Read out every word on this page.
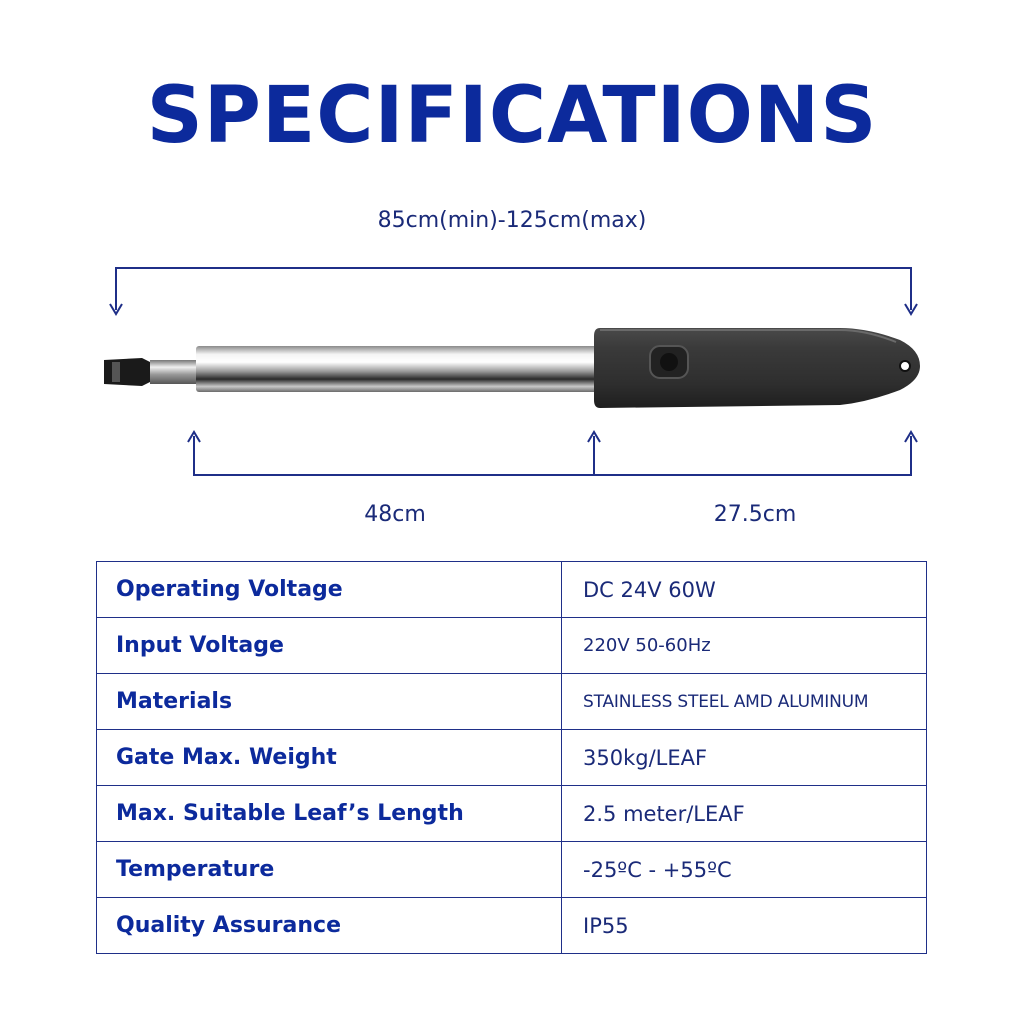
SPECIFICATIONS
85cm(min)-125cm(max)
48cm	27.5cm
Operating Voltage	DC 24V 60W
Input Voltage	220V 50-60Hz
Materials	STAINLESS STEEL AMD ALUMINUM
Gate Max. Weight	350kg/LEAF
Max. Suitable Leaf’s Length	2.5 meter/LEAF
Temperature	-25ºC - +55ºC
Quality Assurance	IP55
